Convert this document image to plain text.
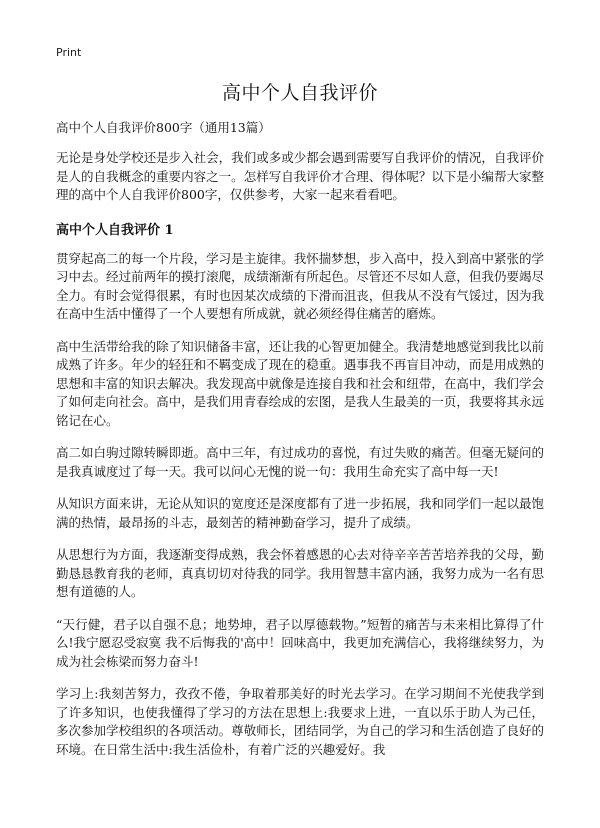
Print
高中个人自我评价

高中个人自我评价800字（通用13篇）

无论是身处学校还是步入社会，我们或多或少都会遇到需要写自我评价的情况，自我评价是人的自我概念的重要内容之一。怎样写自我评价才合理、得体呢？以下是小编帮大家整理的高中个人自我评价800字，仅供参考，大家一起来看看吧。

高中个人自我评价 1

贯穿起高二的每一个片段，学习是主旋律。我怀揣梦想，步入高中，投入到高中紧张的学习中去。经过前两年的摸打滚爬，成绩渐渐有所起色。尽管还不尽如人意，但我仍要竭尽全力。有时会觉得很累，有时也因某次成绩的下滑而沮丧，但我从不没有气馁过，因为我在高中生活中懂得了一个人要想有所成就，就必须经得住痛苦的磨炼。

高中生活带给我的除了知识储备丰富，还让我的心智更加健全。我清楚地感觉到我比以前成熟了许多。年少的轻狂和不羁变成了现在的稳重。遇事我不再盲目冲动，而是用成熟的思想和丰富的知识去解决。我发现高中就像是连接自我和社会和纽带，在高中，我们学会了如何走向社会。高中，是我们用青春绘成的宏图，是我人生最美的一页，我要将其永远铭记在心。

高二如白驹过隙转瞬即逝。高中三年，有过成功的喜悦，有过失败的痛苦。但毫无疑问的是我真诚度过了每一天。我可以问心无愧的说一句：我用生命充实了高中每一天!

从知识方面来讲，无论从知识的宽度还是深度都有了进一步拓展，我和同学们一起以最饱满的热情，最昂扬的斗志，最刻苦的精神勤奋学习，提升了成绩。

从思想行为方面，我逐渐变得成熟，我会怀着感恩的心去对待辛辛苦苦培养我的父母，勤勤恳恳教育我的老师，真真切切对待我的同学。我用智慧丰富内涵，我努力成为一名有思想有道德的人。

“天行健，君子以自强不息；地势坤，君子以厚德载物。”短暂的痛苦与未来相比算得了什么!我宁愿忍受寂寞 我不后悔我的'高中！回味高中，我更加充满信心，我将继续努力，为成为社会栋梁而努力奋斗!

学习上:我刻苦努力，孜孜不倦，争取着那美好的时光去学习。在学习期间不光使我学到了许多知识，也使我懂得了学习的方法在思想上:我要求上进，一直以乐于助人为己任，多次参加学校组织的各项活动。尊敬师长，团结同学，为自己的学习和生活创造了良好的环境。在日常生活中:我生活俭朴，有着广泛的兴趣爱好。我
